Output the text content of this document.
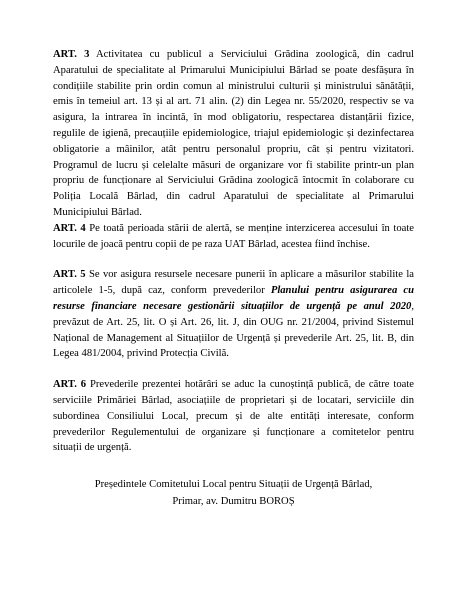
ART. 3 Activitatea cu publicul a Serviciului Grădina zoologică, din cadrul Aparatului de specialitate al Primarului Municipiului Bârlad se poate desfășura în condițiile stabilite prin ordin comun al ministrului culturii și ministrului sănătății, emis în temeiul art. 13 și al art. 71 alin. (2) din Legea nr. 55/2020, respectiv se va asigura, la intrarea în incintă, în mod obligatoriu, respectarea distanțării fizice, regulile de igienă, precauțiile epidemiologice, triajul epidemiologic și dezinfectarea obligatorie a mâinilor, atât pentru personalul propriu, cât și pentru vizitatori. Programul de lucru și celelalte măsuri de organizare vor fi stabilite printr-un plan propriu de funcționare al Serviciului Grădina zoologică întocmit în colaborare cu Poliția Locală Bârlad, din cadrul Aparatului de specialitate al Primarului Municipiului Bârlad.

ART. 4 Pe toată perioada stării de alertă, se menține interzicerea accesului în toate locurile de joacă pentru copii de pe raza UAT Bârlad, acestea fiind închise.

ART. 5 Se vor asigura resursele necesare punerii în aplicare a măsurilor stabilite la articolele 1-5, după caz, conform prevederilor Planului pentru asigurarea cu resurse financiare necesare gestionării situațiilor de urgență pe anul 2020, prevăzut de Art. 25, lit. O și Art. 26, lit. J, din OUG nr. 21/2004, privind Sistemul Național de Management al Situațiilor de Urgență și prevederile Art. 25, lit. B, din Legea 481/2004, privind Protecția Civilă.

ART. 6 Prevederile prezentei hotărâri se aduc la cunoștință publică, de către toate serviciile Primăriei Bârlad, asociațiile de proprietari și de locatari, serviciile din subordinea Consiliului Local, precum și de alte entități interesate, conform prevederilor Regulementului de organizare și funcționare a comitetelor pentru situații de urgență.

Președintele Comitetului Local pentru Situații de Urgență Bârlad,
Primar, av. Dumitru BOROȘ
